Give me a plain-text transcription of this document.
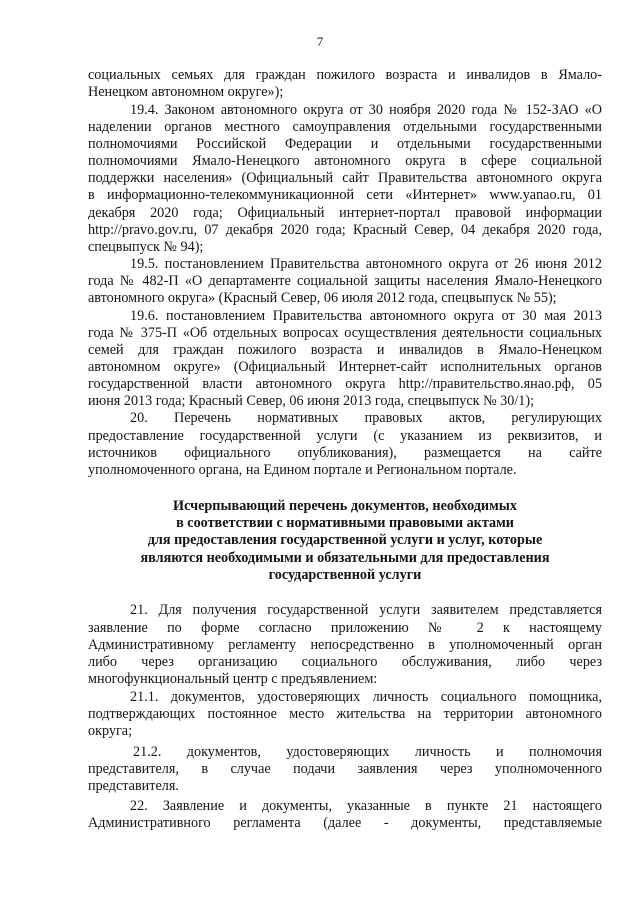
7
социальных семьях для граждан пожилого возраста и инвалидов в Ямало-
Ненецком автономном округе»);
19.4. Законом автономного округа от 30 ноября 2020 года № 152-ЗАО «О
наделении органов местного самоуправления отдельными государственными
полномочиями Российской Федерации и отдельными государственными
полномочиями Ямало-Ненецкого автономного округа в сфере социальной
поддержки населения» (Официальный сайт Правительства автономного округа
в информационно-телекоммуникационной сети «Интернет» www.yanao.ru, 01
декабря 2020 года; Официальный интернет-портал правовой информации
http://pravo.gov.ru, 07 декабря 2020 года; Красный Север, 04 декабря 2020 года,
спецвыпуск № 94);
19.5. постановлением Правительства автономного округа от 26 июня 2012
года № 482-П «О департаменте социальной защиты населения Ямало-Ненецкого
автономного округа» (Красный Север, 06 июля 2012 года, спецвыпуск № 55);
19.6. постановлением Правительства автономного округа от 30 мая 2013
года № 375-П «Об отдельных вопросах осуществления деятельности социальных
семей для граждан пожилого возраста и инвалидов в Ямало-Ненецком
автономном округе» (Официальный Интернет-сайт исполнительных органов
государственной власти автономного округа http://правительство.янао.рф, 05
июня 2013 года; Красный Север, 06 июня 2013 года, спецвыпуск № 30/1);
20. Перечень нормативных правовых актов, регулирующих
предоставление государственной услуги (с указанием из реквизитов, и
источников официального опубликования), размещается на сайте
уполномоченного органа, на Едином портале и Региональном портале.
Исчерпывающий перечень документов, необходимых
в соответствии с нормативными правовыми актами
для предоставления государственной услуги и услуг, которые
являются необходимыми и обязательными для предоставления
государственной услуги
21. Для получения государственной услуги заявителем представляется
заявление по форме согласно приложению № 2 к настоящему
Административному регламенту непосредственно в уполномоченный орган
либо через организацию социального обслуживания, либо через
многофункциональный центр с предъявлением:
21.1. документов, удостоверяющих личность социального помощника,
подтверждающих постоянное место жительства на территории автономного
округа;
21.2. документов, удостоверяющих личность и полномочия
представителя, в случае подачи заявления через уполномоченного
представителя.
22. Заявление и документы, указанные в пункте 21 настоящего
Административного регламента (далее - документы, представляемые
